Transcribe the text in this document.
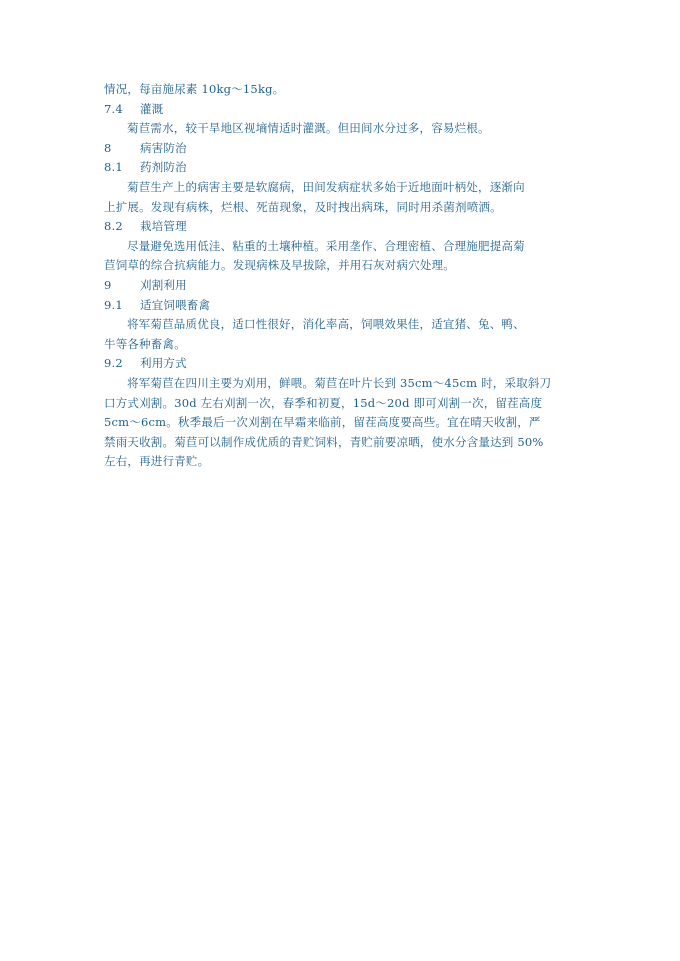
情况，每亩施尿素 10kg～15kg。
7.4 灌溉
菊苣需水，较干旱地区视墒情适时灌溉。但田间水分过多，容易烂根。
8 病害防治
8.1 药剂防治
菊苣生产上的病害主要是软腐病，田间发病症状多始于近地面叶柄处，逐渐向
上扩展。发现有病株，烂根、死苗现象，及时拽出病珠，同时用杀菌剂喷洒。
8.2 栽培管理
尽量避免选用低洼、粘重的土壤种植。采用垄作、合理密植、合理施肥提高菊
苣饲草的综合抗病能力。发现病株及早拔除，并用石灰对病穴处理。
9 刈割利用
9.1 适宜饲喂畜禽
将军菊苣品质优良，适口性很好，消化率高，饲喂效果佳，适宜猪、兔、鸭、
牛等各种畜禽。
9.2 利用方式
将军菊苣在四川主要为刈用，鲜喂。菊苣在叶片长到 35cm～45cm 时，采取斜刀
口方式刈割。30d 左右刈割一次，春季和初夏，15d～20d 即可刈割一次，留茬高度
5cm～6cm。秋季最后一次刈割在早霜来临前，留茬高度要高些。宜在晴天收割，严
禁雨天收割。菊苣可以制作成优质的青贮饲料，青贮前要凉晒，使水分含量达到 50%
左右，再进行青贮。
